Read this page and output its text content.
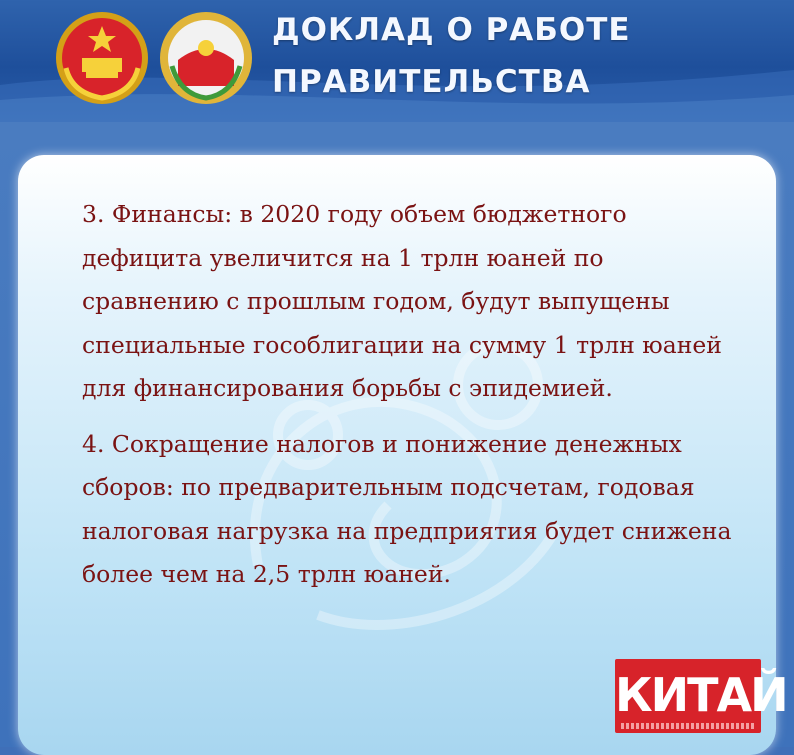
ДОКЛАД О РАБОТЕ
ПРАВИТЕЛЬСТВА

3. Финансы: в 2020 году объем бюджетного дефицита увеличится на 1 трлн юаней по сравнению с прошлым годом, будут выпущены специальные гособлигации на сумму 1 трлн юаней для финансирования борьбы с эпидемией.

4. Сокращение налогов и понижение денежных сборов: по предварительным подсчетам, годовая налоговая нагрузка на предприятия будет снижена более чем на 2,5 трлн юаней.

КИТАЙ
